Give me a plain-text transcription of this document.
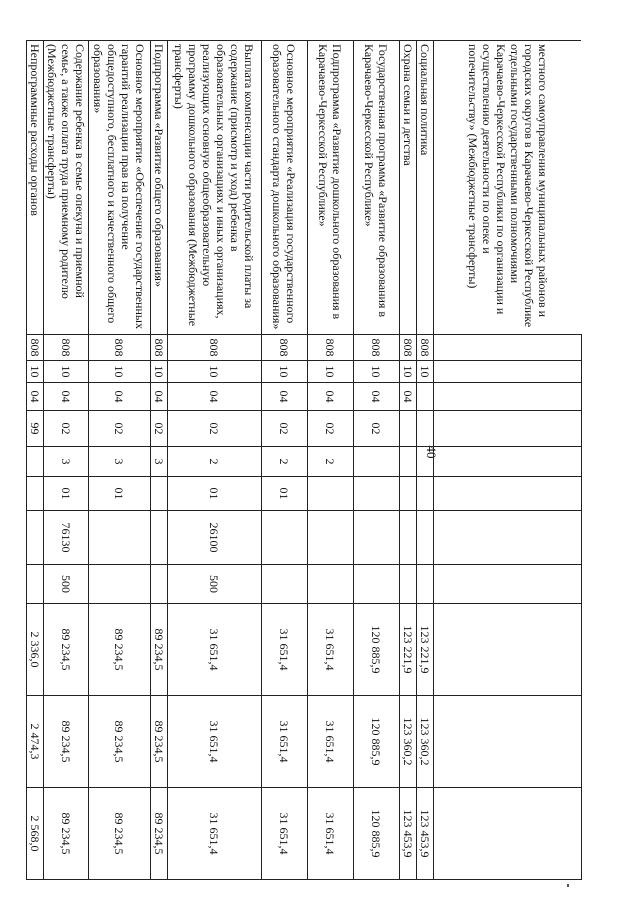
40
местного самоуправления муниципальных районов и городских округов в Карачаево-Черкесской Республике отдельными государственными полномочиями Карачаево-Черкесской Республики по организации и осуществлению деятельности по опеке и попечительству» (Межбюджетные трансферты)											
Социальная политика	808	10							123 221,9	123 360,2	123 453,9
Охрана семьи и детства	808	10	04						123 221,9	123 360,2	123 453,9
Государственная программа «Развитие образования в Карачаево-Черкесской Республике»	808	10	04	02					120 885,9	120 885,9	120 885,9
Подпрограмма «Развитие дошкольного образования в Карачаево-Черкесской Республике»	808	10	04	02	2				31 651,4	31 651,4	31 651,4
Основное мероприятие «Реализация государственного образовательного стандарта дошкольного образования»	808	10	04	02	2	01			31 651,4	31 651,4	31 651,4
Выплата компенсации части родительской платы за содержание (присмотр и уход) ребенка в образовательных организациях и иных организациях, реализующих основную общеобразовательную программу дошкольного образования (Межбюджетные трансферты)	808	10	04	02	2	01	26100	500	31 651,4	31 651,4	31 651,4
Подпрограмма «Развитие общего образования»	808	10	04	02	3				89 234,5	89 234,5	89 234,5
Основное мероприятие «Обеспечение государственных гарантий реализации прав на получение общедоступного, бесплатного и качественного общего образования»	808	10	04	02	3	01			89 234,5	89 234,5	89 234,5
Содержание ребенка в семье опекуна и приемной семье, а также оплата труда приемному родителю (Межбюджетные трансферты)	808	10	04	02	3	01	76130	500	89 234,5	89 234,5	89 234,5
Непрограммные расходы органов	808	10	04	99					2 336,0	2 474,3	2 568,0
